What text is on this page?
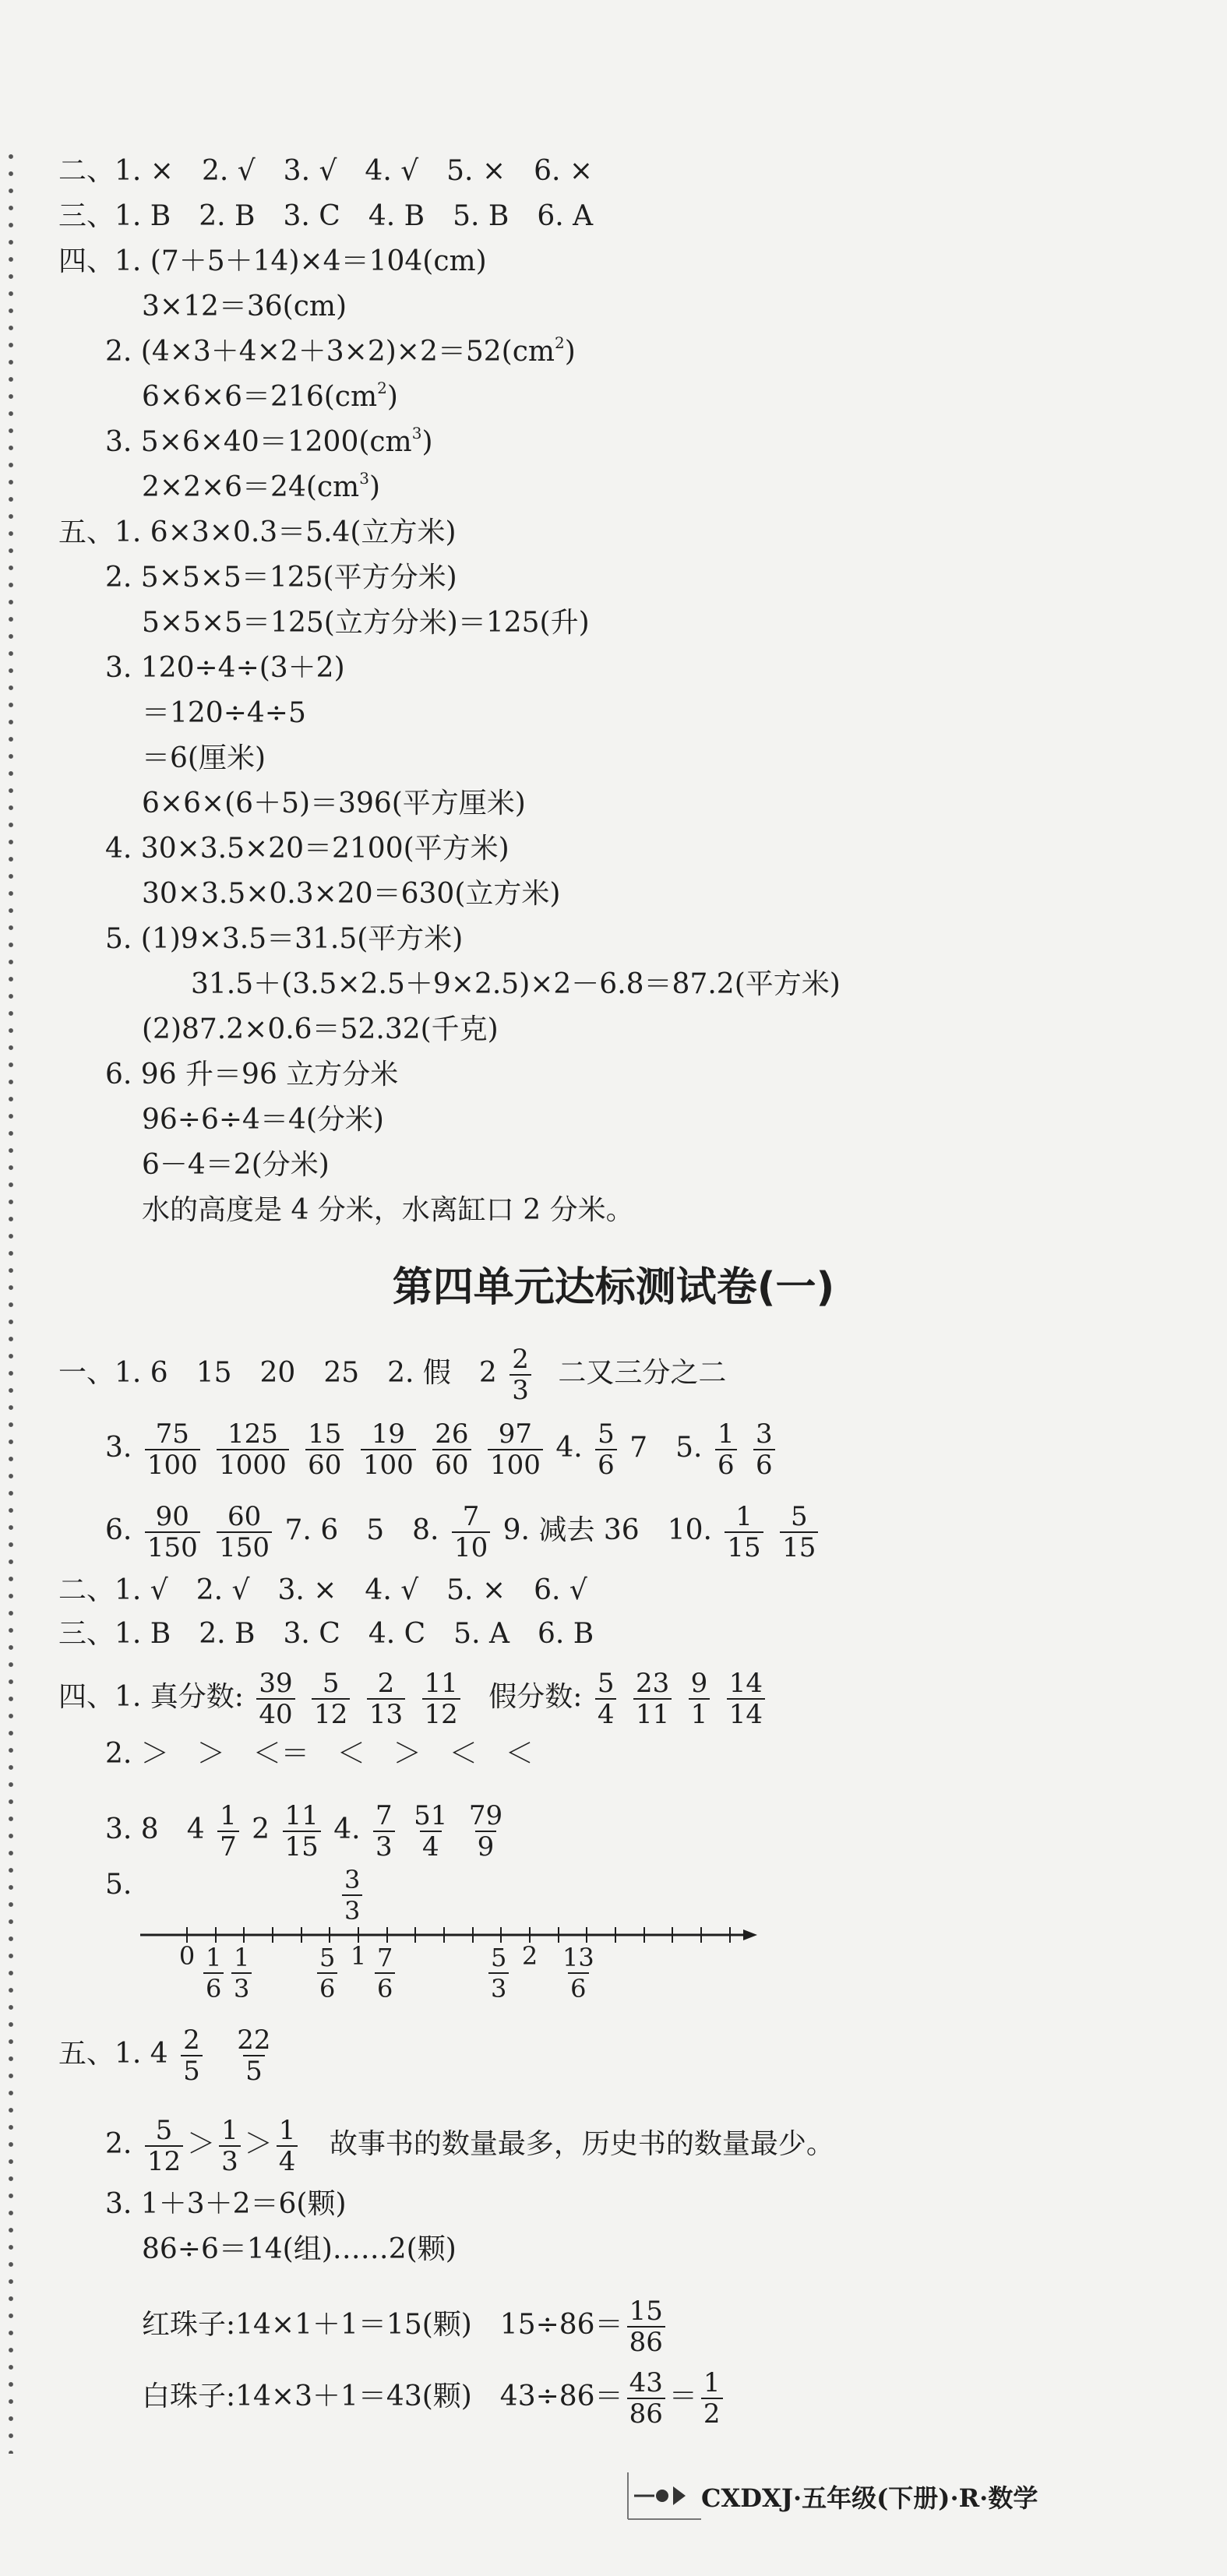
二、1. ×　2. √　3. √　4. √　5. ×　6. ×
三、1. B　2. B　3. C　4. B　5. B　6. A
四、1. (7＋5＋14)×4＝104(cm)
3×12＝36(cm)
2. $(4\times 3+4\times 2+3\times 2)\times 2=52(cm^2)$
$6\times 6\times 6=216(cm^2)$
3. $5\times 6\times 40=1200(cm^3)$
$2\times 2\times 6=24(cm^3)$
五、1. 6×3×0.3＝5.4(立方米)
2. 5×5×5＝125(平方分米)
5×5×5＝125(立方分米)＝125(升)
3. 120÷4÷(3＋2)
＝120÷4÷5
＝6(厘米)
6×6×(6＋5)＝396(平方厘米)
4. 30×3.5×20＝2100(平方米)
30×3.5×0.3×20＝630(立方米)
5. (1)9×3.5＝31.5(平方米)
31.5＋(3.5×2.5＋9×2.5)×2－6.8＝87.2(平方米)
(2)87.2×0.6＝52.32(千克)
6. 96 升＝96 立方分米
96÷6÷4＝4(分米)
6－4＝2(分米)
水的高度是 4 分米，水离缸口 2 分米。
第四单元达标测试卷(一)
一、1. 6　15　20　25　2. 假　$2 \frac{2}{3}$ 二又三分之二
3. $\frac{75}{100}$
$\frac{125}{1000}$
$\frac{15}{60}$
$\frac{19}{100}$
$\frac{26}{60}$
$\frac{97}{100} 4$. $\frac{5}{6} 7$　5. $\frac{1}{6}$
$\frac{3}{6}$
6. $\frac{90}{150}$
$\frac{60}{150} 7$. 6　5　8. $\frac{7}{10} 9$. 减去 36　10. $\frac{1}{15}$
$\frac{5}{15}$
二、1. √　2. √　3. ×　4. √　5. ×　6. √
三、1. B　2. B　3. C　4. C　5. A　6. B
四、1. 真分数: $\frac{39}{40}$
$\frac{5}{12}$
$\frac{2}{13}$
$\frac{11}{12}$ 假分数: $\frac{5}{4}$
$\frac{23}{11}$
$\frac{9}{1}$
$\frac{14}{14}$
2. ＞　＞　＜＝　＜　＞　＜　＜
3. 8　$4 \frac{1}{7} 2 \frac{11}{15} 4$. $\frac{7}{3}$
$\frac{51}{4}$
$\frac{79}{9}$
5.	$\frac{3}{3}$
0	1	2
$\frac{1}{6} \frac{1}{3}$	$\frac{5}{6} \frac{7}{6}$	$\frac{5}{3} \frac{13}{6}$
五、1. $4 \frac{2}{5}$
$\frac{22}{5}$
2. $\frac{5}{12} > \frac{1}{3} > \frac{1}{4}$ 故事书的数量最多，历史书的数量最少。
3. 1＋3＋2＝6(颗)
86÷6＝14(组)……2(颗)
红珠子:14×1＋1＝15(颗)　$15\div 86= \frac{15}{86}$
白珠子:14×3＋1＝43(颗)　$43\div 86= \frac{43}{86} = \frac{1}{2}$
CXDXJ·五年级(下册)·R·数学
